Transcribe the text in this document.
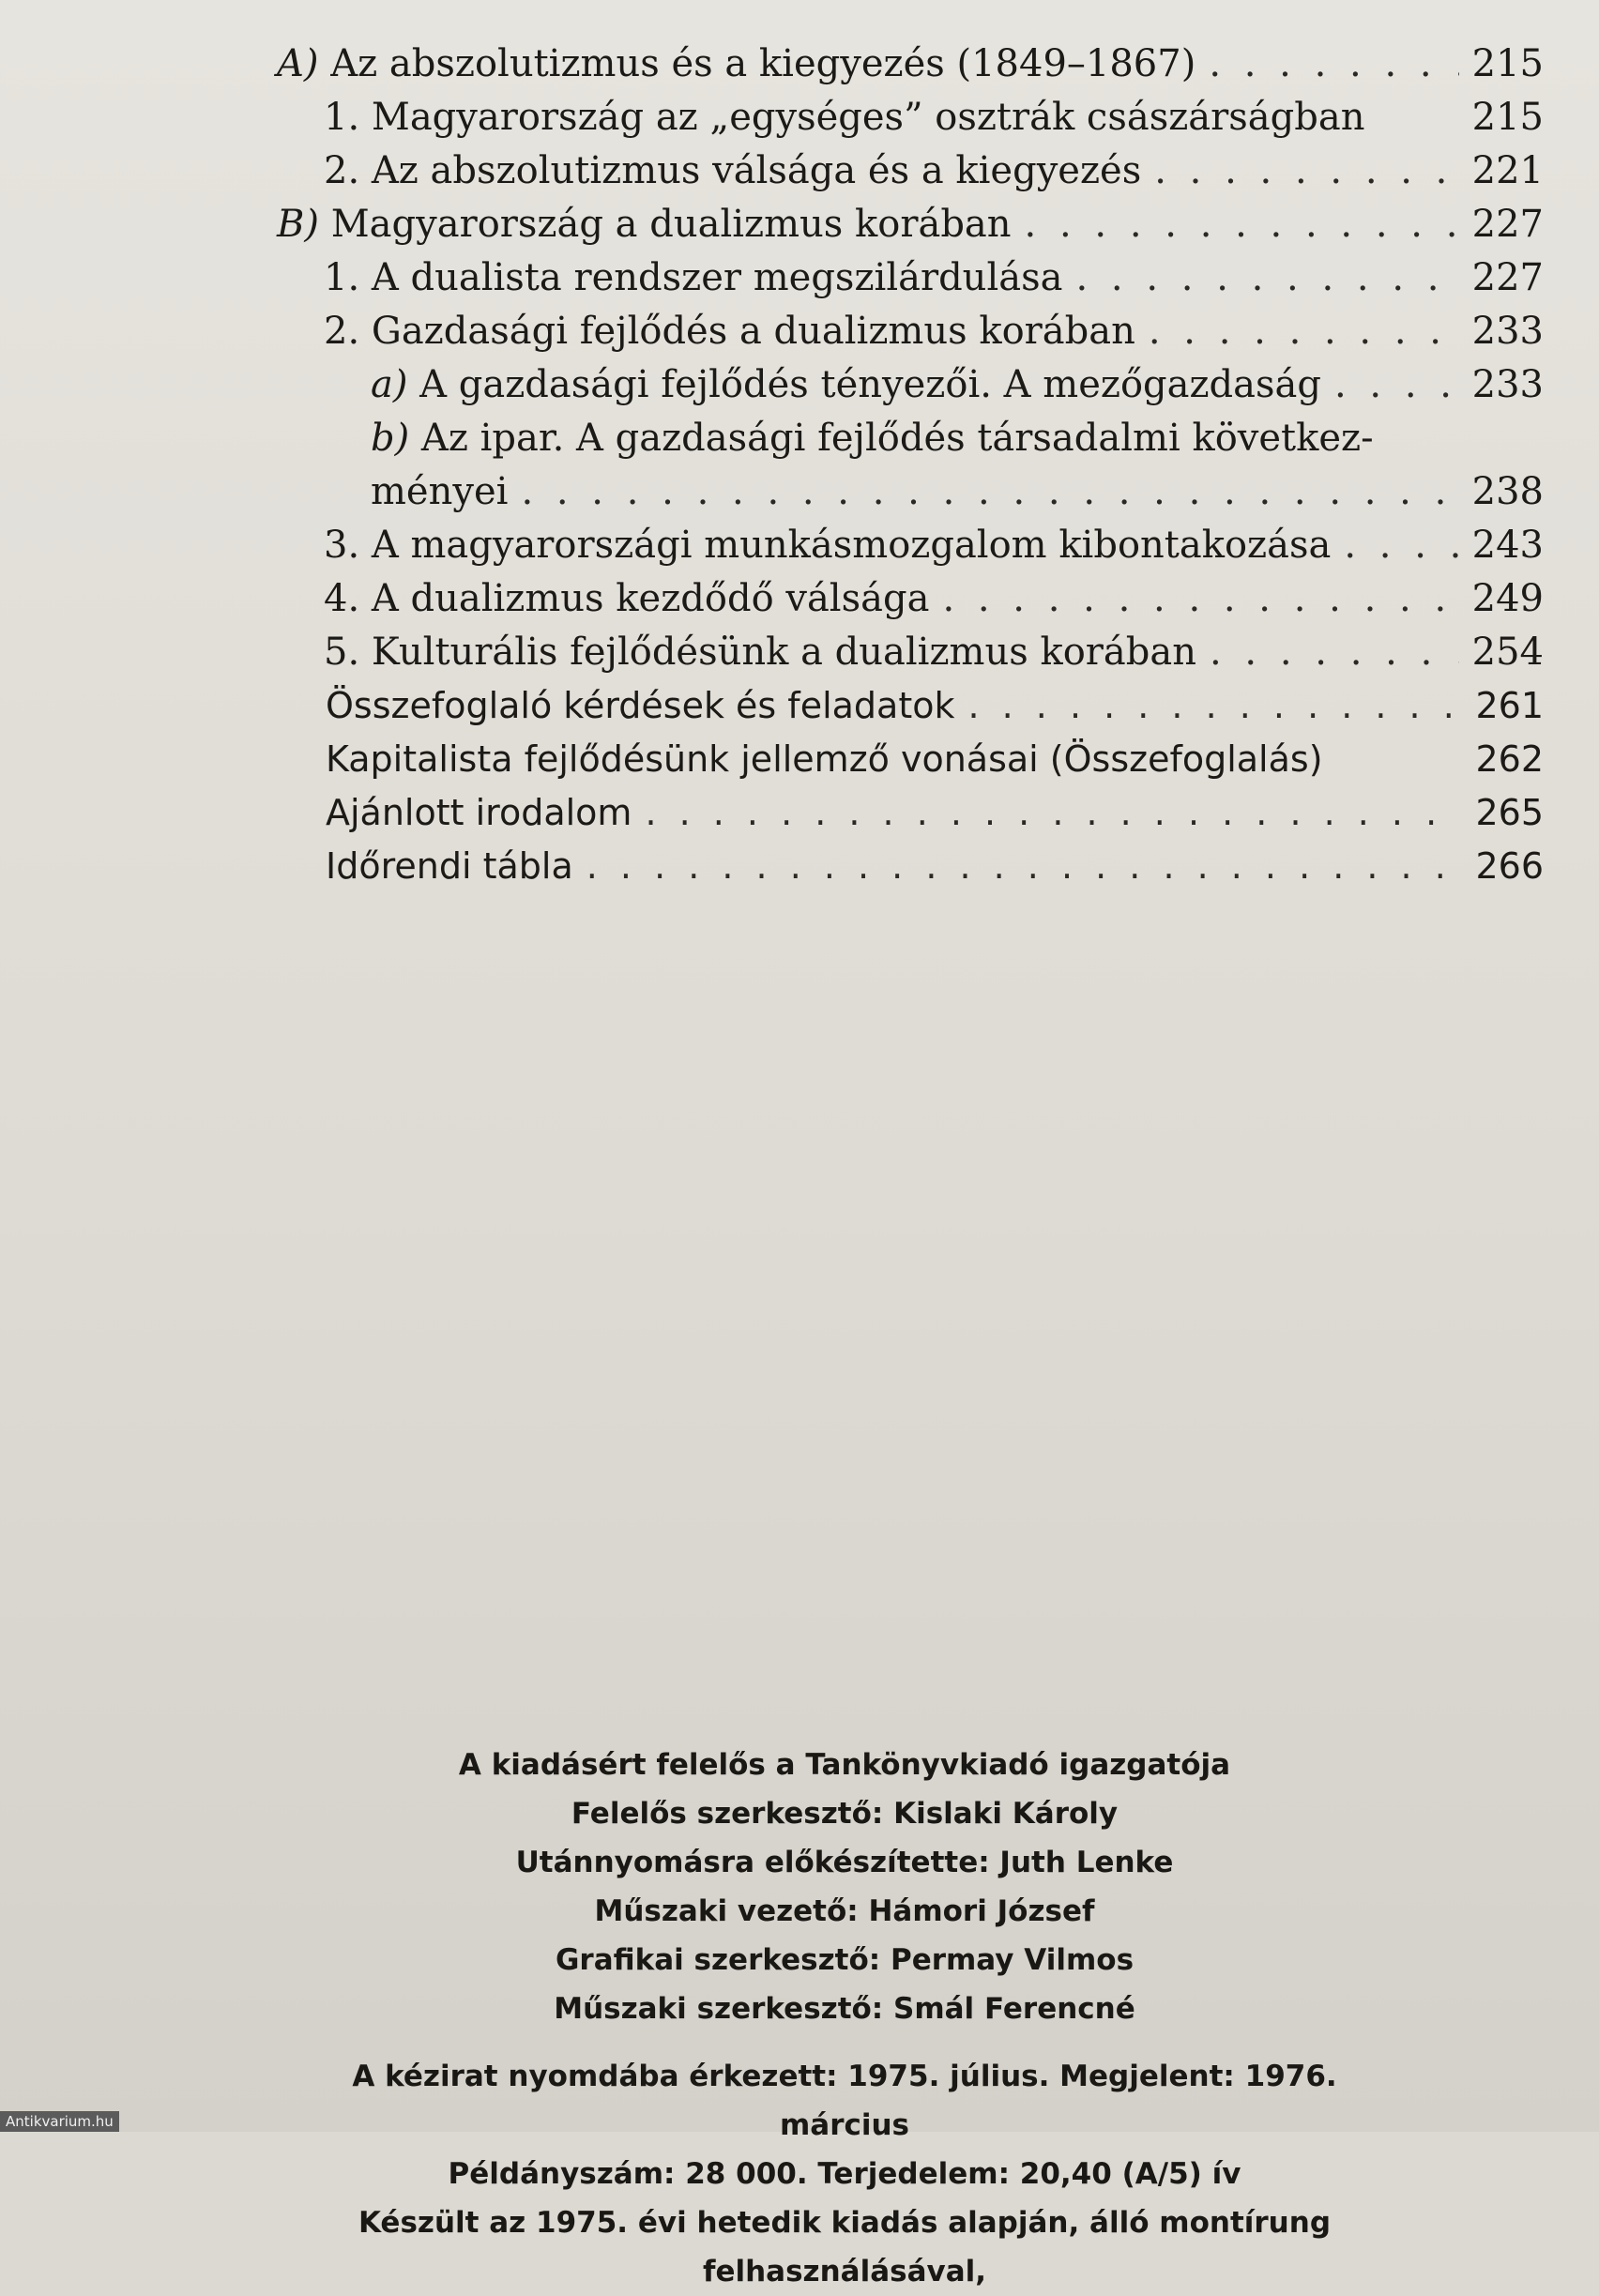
A) Az abszolutizmus és a kiegyezés (1849–1867) . . .	215
1. Magyarország az „egységes” osztrák császárságban	215
2. Az abszolutizmus válsága és a kiegyezés . . .	221
B) Magyarország a dualizmus korában . . .	227
1. A dualista rendszer megszilárdulása . . .	227
2. Gazdasági fejlődés a dualizmus korában . . .	233
a) A gazdasági fejlődés tényezői. A mezőgazdaság . . .	233
b) Az ipar. A gazdasági fejlődés társadalmi következ-
ményei . . .	238
3. A magyarországi munkásmozgalom kibontakozása . . .	243
4. A dualizmus kezdődő válsága . . .	249
5. Kulturális fejlődésünk a dualizmus korában . . .	254
Összefoglaló kérdések és feladatok . . .	261
Kapitalista fejlődésünk jellemző vonásai (Összefoglalás)	262
Ajánlott irodalom . . .	265
Időrendi tábla . . .	266
A kiadásért felelős a Tankönyvkiadó igazgatója
Felelős szerkesztő: Kislaki Károly
Utánnyomásra előkészítette: Juth Lenke
Műszaki vezető: Hámori József
Grafikai szerkesztő: Permay Vilmos
Műszaki szerkesztő: Smál Ferencné
A kézirat nyomdába érkezett: 1975. július. Megjelent: 1976. március
Példányszám: 28 000. Terjedelem: 20,40 (A/5) ív
Készült az 1975. évi hetedik kiadás alapján, álló montírung felhasználásával,
Antikvarium.hu
